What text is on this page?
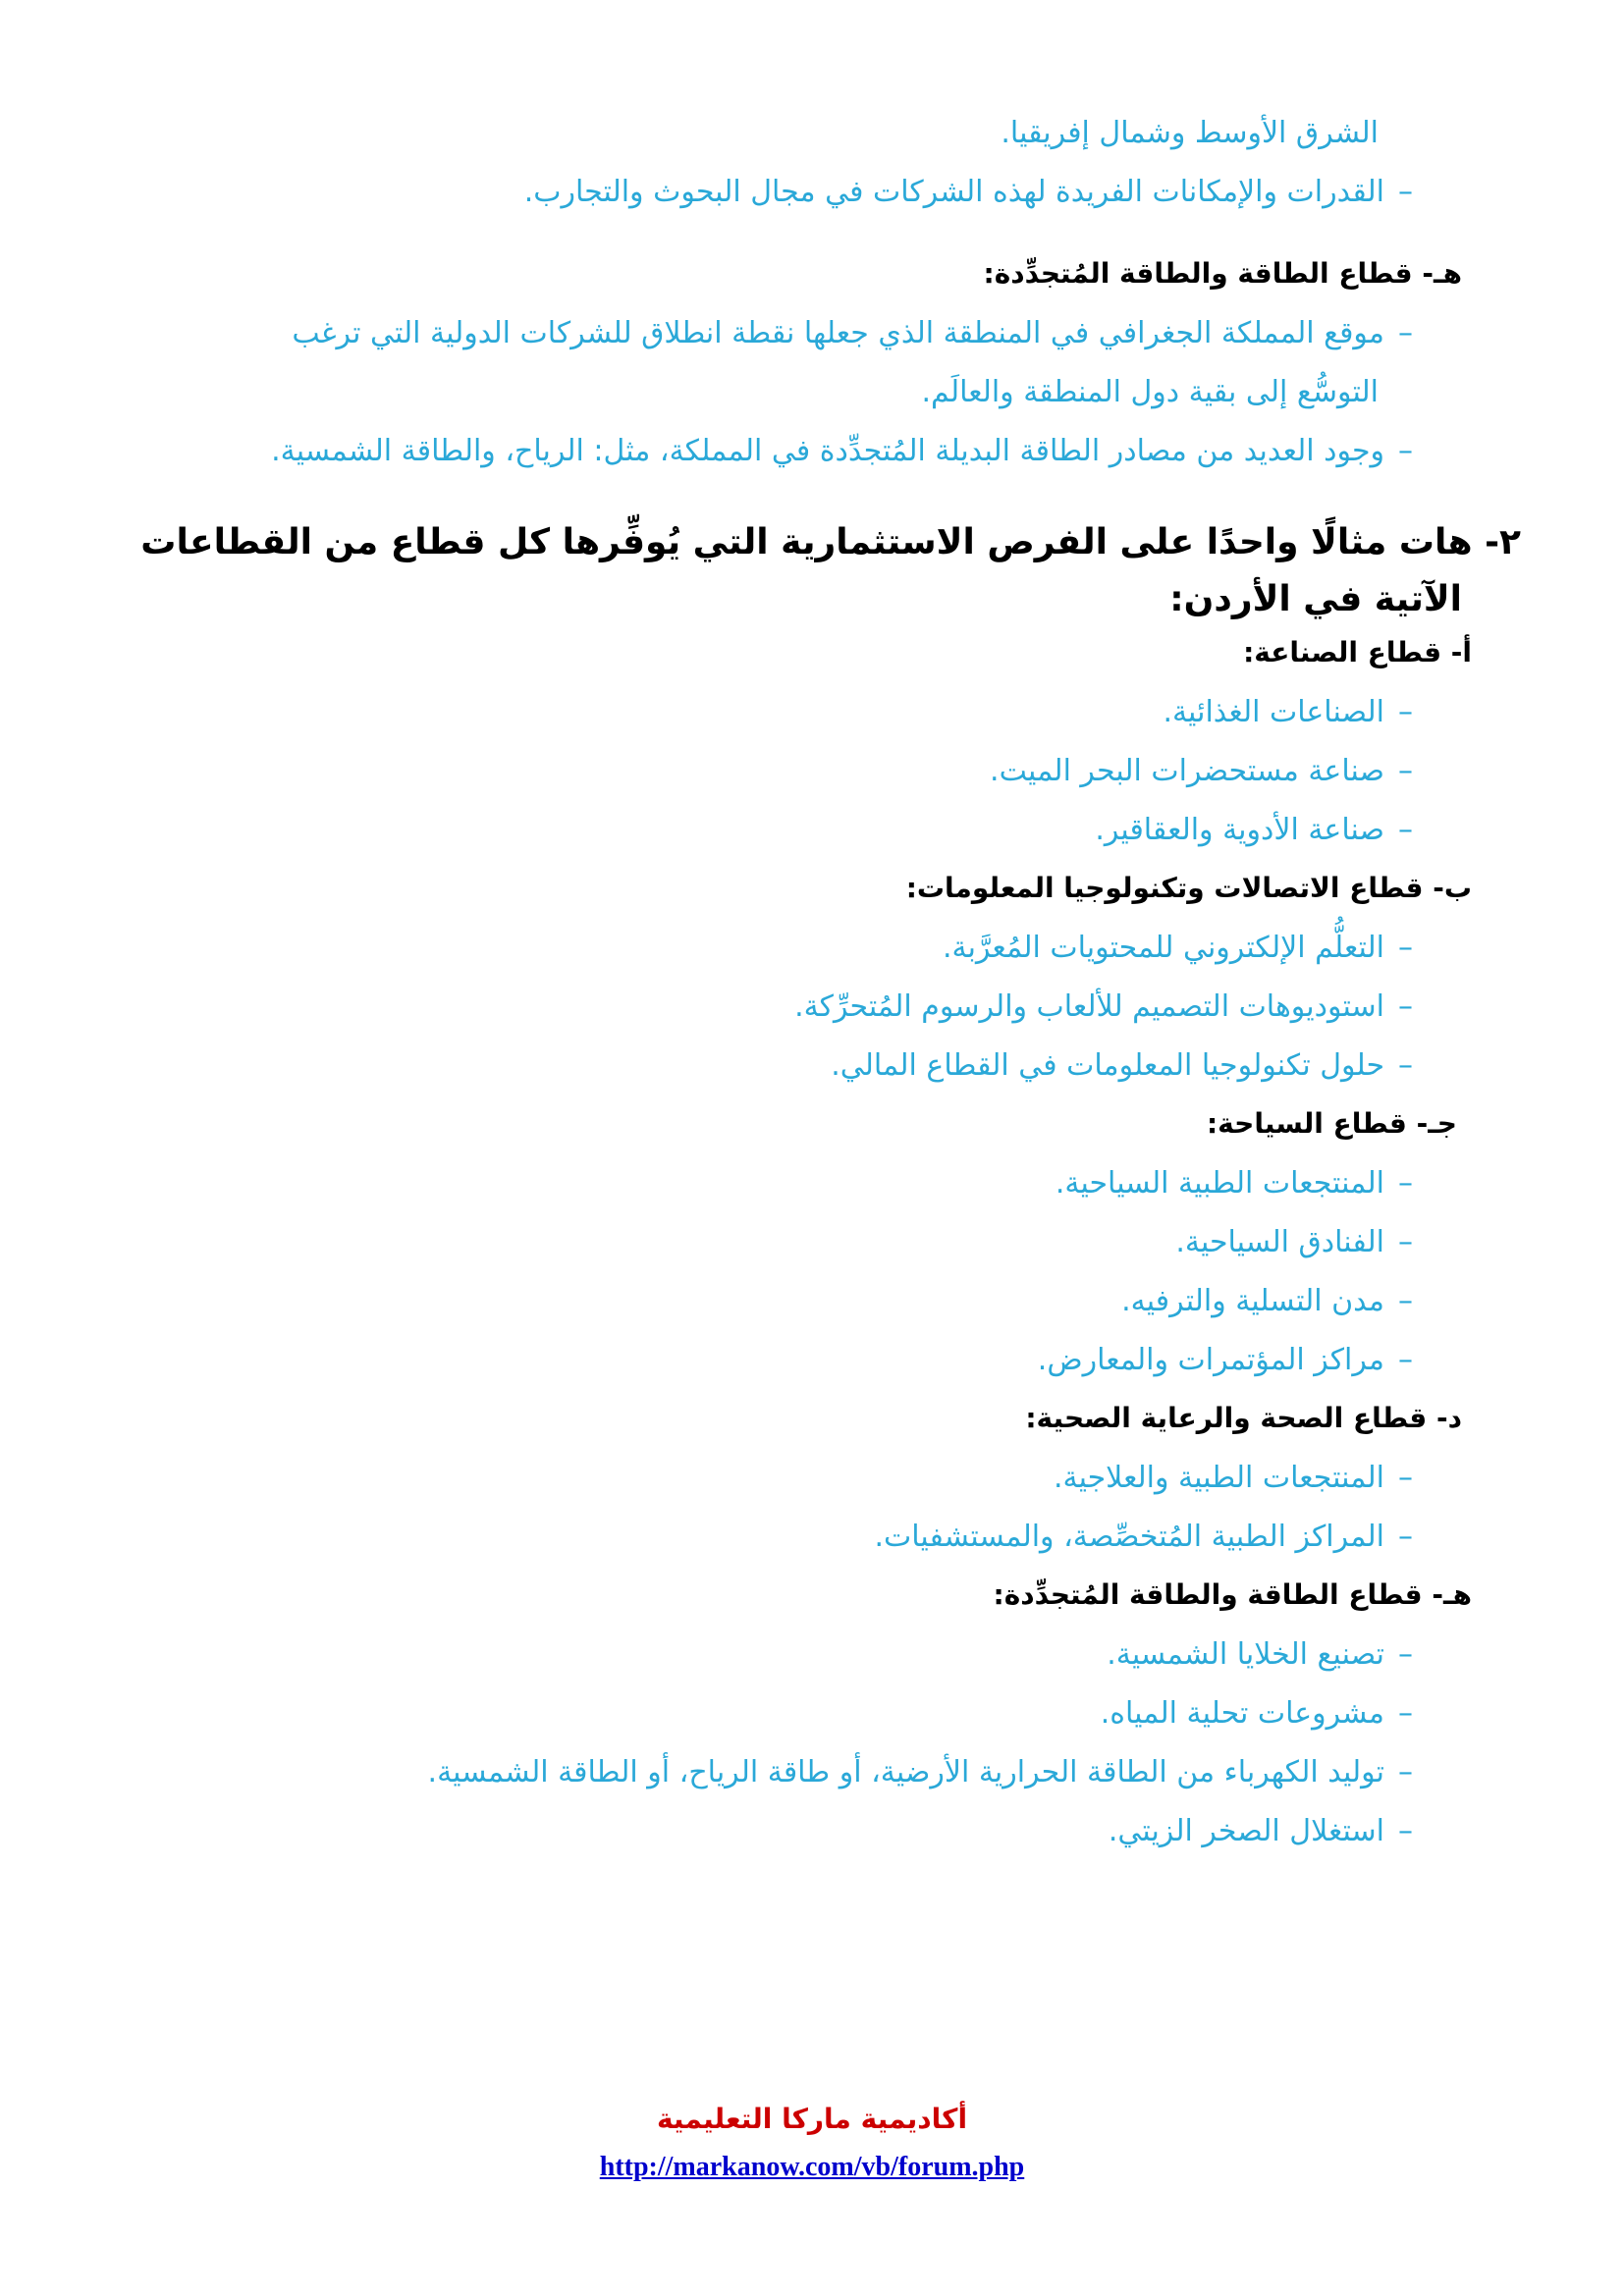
الشرق الأوسط وشمال إفريقيا.
–القدرات والإمكانات الفريدة لهذه الشركات في مجال البحوث والتجارب.
هـ- قطاع الطاقة والطاقة المُتجدِّدة:
–موقع المملكة الجغرافي في المنطقة الذي جعلها نقطة انطلاق للشركات الدولية التي ترغب
التوسُّع إلى بقية دول المنطقة والعالَم.
–وجود العديد من مصادر الطاقة البديلة المُتجدِّدة في المملكة، مثل: الرياح، والطاقة الشمسية.
٢- هات مثالًا واحدًا على الفرص الاستثمارية التي يُوفِّرها كل قطاع من القطاعات
الآتية في الأردن:
أ- قطاع الصناعة:
–الصناعات الغذائية.
–صناعة مستحضرات البحر الميت.
–صناعة الأدوية والعقاقير.
ب- قطاع الاتصالات وتكنولوجيا المعلومات:
–التعلُّم الإلكتروني للمحتويات المُعرَّبة.
–استوديوهات التصميم للألعاب والرسوم المُتحرِّكة.
–حلول تكنولوجيا المعلومات في القطاع المالي.
جـ- قطاع السياحة:
–المنتجعات الطبية السياحية.
–الفنادق السياحية.
–مدن التسلية والترفيه.
–مراكز المؤتمرات والمعارض.
د- قطاع الصحة والرعاية الصحية:
–المنتجعات الطبية والعلاجية.
–المراكز الطبية المُتخصِّصة، والمستشفيات.
هـ- قطاع الطاقة والطاقة المُتجدِّدة:
–تصنيع الخلايا الشمسية.
–مشروعات تحلية المياه.
–توليد الكهرباء من الطاقة الحرارية الأرضية، أو طاقة الرياح، أو الطاقة الشمسية.
–استغلال الصخر الزيتي.
أكاديمية ماركا التعليمية
http://markanow.com/vb/forum.php
